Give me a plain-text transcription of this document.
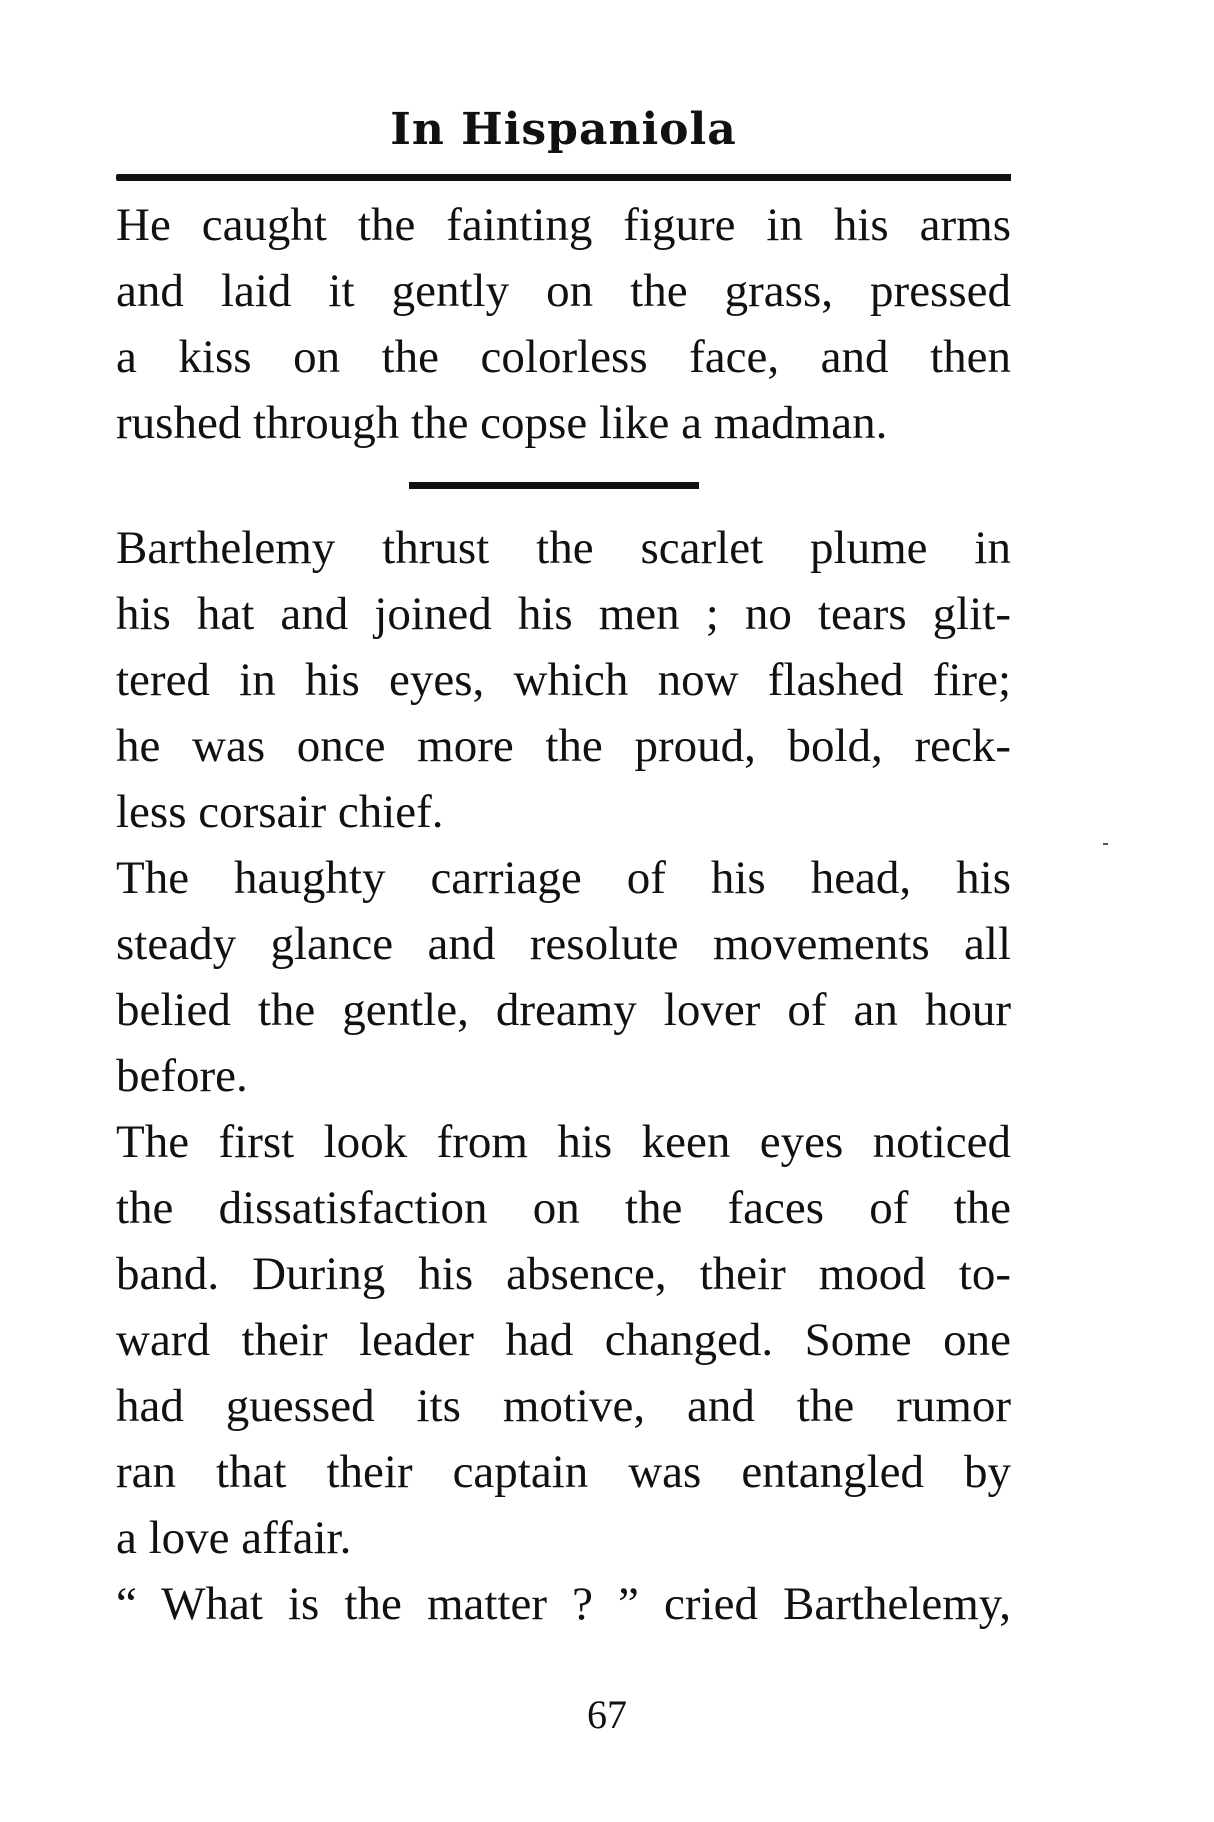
In Hispaniola
He caught the fainting figure in his arms
and laid it gently on the grass, pressed
a kiss on the colorless face, and then
rushed through the copse like a madman.
Barthelemy thrust the scarlet plume in
his hat and joined his men ; no tears glit-
tered in his eyes, which now flashed fire;
he was once more the proud, bold, reck-
less corsair chief.
The haughty carriage of his head, his
steady glance and resolute movements all
belied the gentle, dreamy lover of an hour
before.
The first look from his keen eyes noticed
the dissatisfaction on the faces of the
band. During his absence, their mood to-
ward their leader had changed. Some one
had guessed its motive, and the rumor
ran that their captain was entangled by
a love affair.
“ What is the matter ? ” cried Barthelemy,
67
